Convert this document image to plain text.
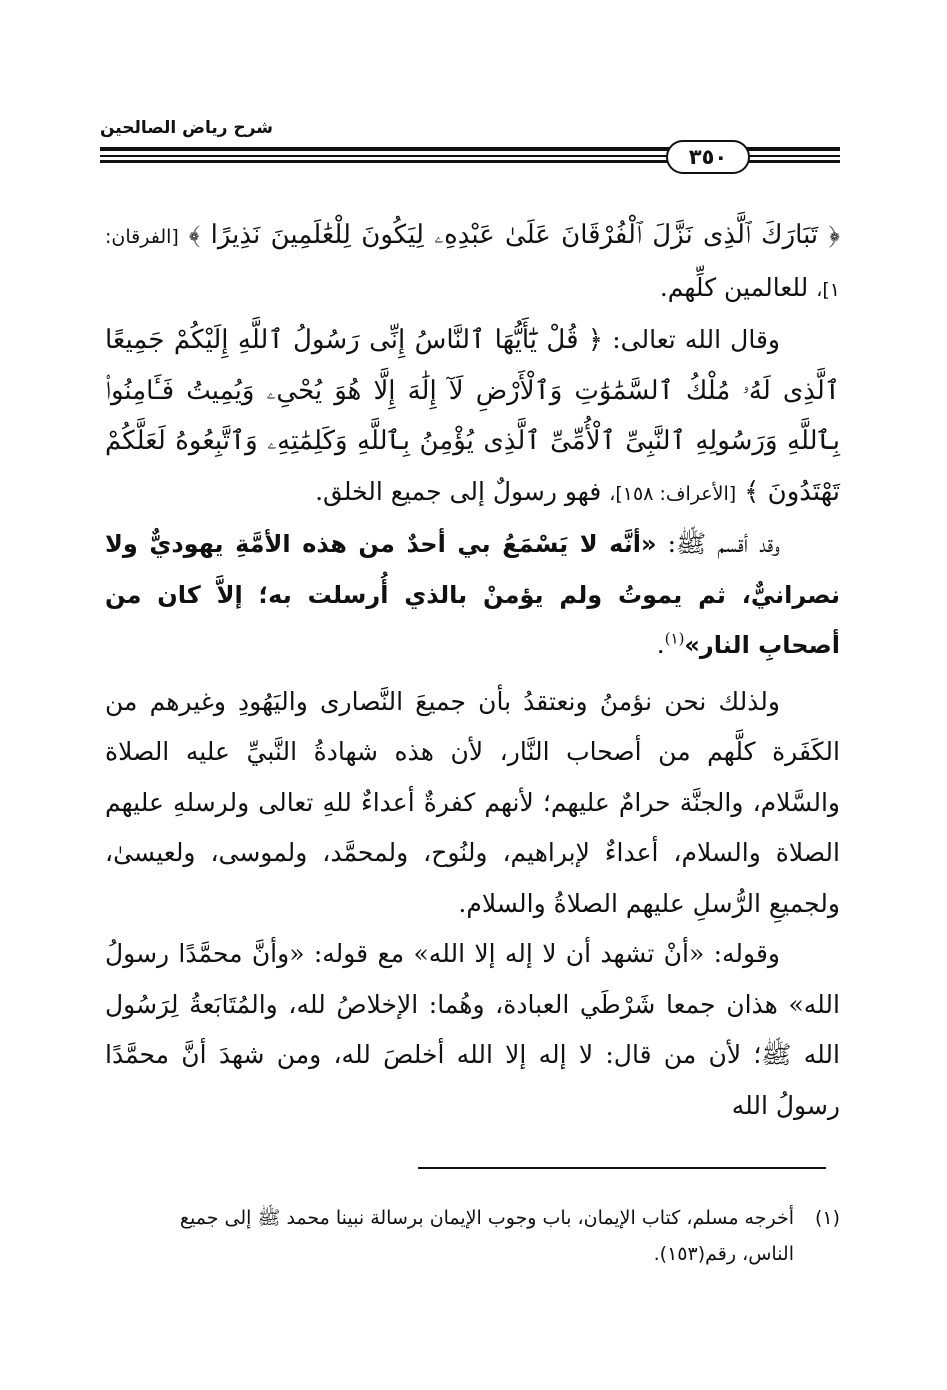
شرح رياض الصالحين
٣٥٠

﴿ تَبَارَكَ ٱلَّذِى نَزَّلَ ٱلْفُرْقَانَ عَلَىٰ عَبْدِهِۦ لِيَكُونَ لِلْعَٰلَمِينَ نَذِيرًا ﴾ [الفرقان: ١]، للعالمين كلِّهم.

وقال الله تعالى: ﴿ قُلْ يَٰٓأَيُّهَا ٱلنَّاسُ إِنِّى رَسُولُ ٱللَّهِ إِلَيْكُمْ جَمِيعًا ٱلَّذِى لَهُۥ مُلْكُ ٱلسَّمَٰوَٰتِ وَٱلْأَرْضِ لَآ إِلَٰهَ إِلَّا هُوَ يُحْىِۦ وَيُمِيتُ فَـَٔامِنُوا۟ بِٱللَّهِ وَرَسُولِهِ ٱلنَّبِىِّ ٱلْأُمِّىِّ ٱلَّذِى يُؤْمِنُ بِٱللَّهِ وَكَلِمَٰتِهِۦ وَٱتَّبِعُوهُ لَعَلَّكُمْ تَهْتَدُونَ ﴾ [الأعراف: ١٥٨]، فهو رسولٌ إلى جميع الخلق.

وقد أقسم ﷺ: «أنَّه لا يَسْمَعُ بي أحدٌ من هذه الأمَّةِ يهوديٌّ ولا نصرانيٌّ، ثم يموتُ ولم يؤمنْ بالذي أُرسلت به؛ إلاَّ كان من أصحابِ النار»$^{(١)}$.

ولذلك نحن نؤمنُ ونعتقدُ بأن جميعَ النَّصارى واليَهُودِ وغيرهم من الكَفَرة كلَّهم من أصحاب النَّار، لأن هذه شهادةُ النَّبيِّ عليه الصلاة والسَّلام، والجنَّة حرامٌ عليهم؛ لأنهم كفرةٌ أعداءٌ للهِ تعالى ولرسلهِ عليهم الصلاة والسلام، أعداءٌ لإبراهيم، ولنُوح، ولمحمَّد، ولموسى، ولعيسىٰ، ولجميعِ الرُّسلِ عليهم الصلاةُ والسلام.

وقوله: «أنْ تشهد أن لا إله إلا الله» مع قوله: «وأنَّ محمَّدًا رسولُ الله» هذان جمعا شَرْطَي العبادة، وهُما: الإخلاصُ لله، والمُتَابَعةُ لِرَسُول الله ﷺ؛ لأن من قال: لا إله إلا الله أخلصَ لله، ومن شهدَ أنَّ محمَّدًا رسولُ الله

(١)أخرجه مسلم، كتاب الإيمان، باب وجوب الإيمان برسالة نبينا محمد ﷺ إلى جميع
الناس، رقم(١٥٣).
